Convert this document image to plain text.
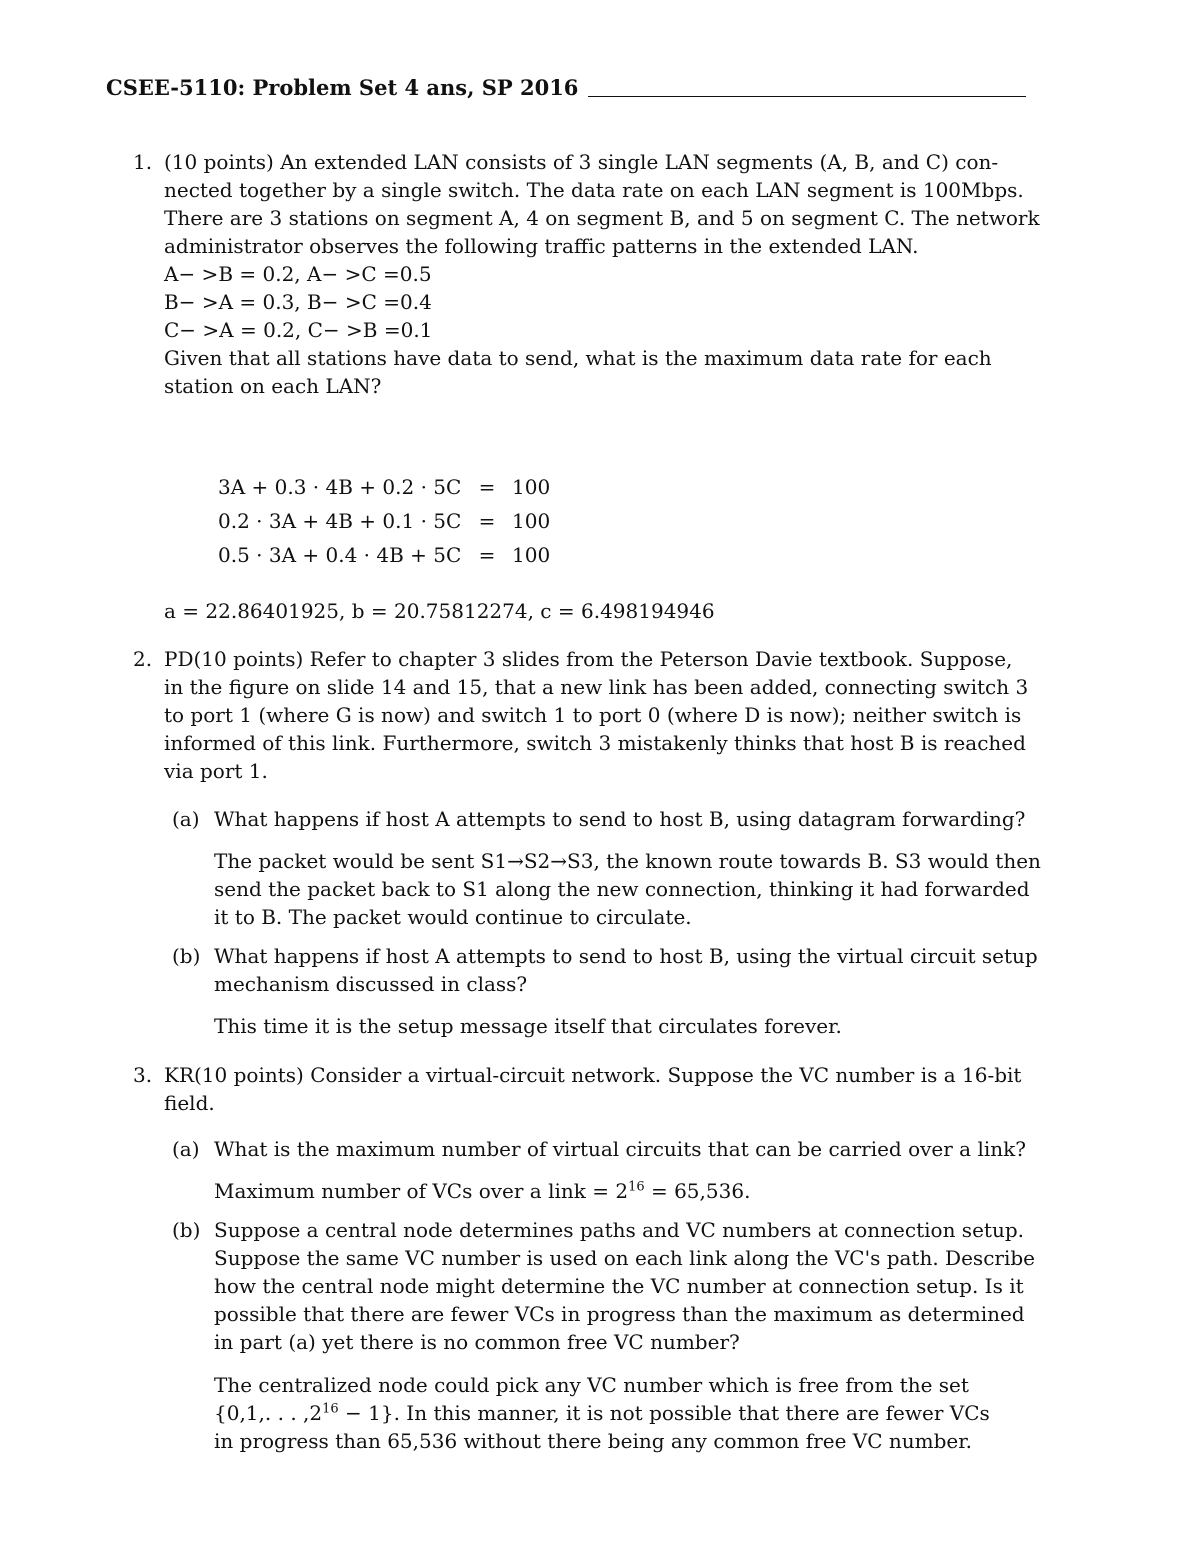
CSEE-5110: Problem Set 4 ans, SP 2016
1. (10 points) An extended LAN consists of 3 single LAN segments (A, B, and C) con-
nected together by a single switch. The data rate on each LAN segment is 100Mbps.
There are 3 stations on segment A, 4 on segment B, and 5 on segment C. The network
administrator observes the following traffic patterns in the extended LAN.
A− >B = 0.2, A− >C =0.5
B− >A = 0.3, B− >C =0.4
C− >A = 0.2, C− >B =0.1
Given that all stations have data to send, what is the maximum data rate for each
station on each LAN?
3A + 0.3 · 4B + 0.2 · 5C = 100
0.2 · 3A + 4B + 0.1 · 5C = 100
0.5 · 3A + 0.4 · 4B + 5C = 100
a = 22.86401925, b = 20.75812274, c = 6.498194946
2. PD(10 points) Refer to chapter 3 slides from the Peterson Davie textbook. Suppose,
in the figure on slide 14 and 15, that a new link has been added, connecting switch 3
to port 1 (where G is now) and switch 1 to port 0 (where D is now); neither switch is
informed of this link. Furthermore, switch 3 mistakenly thinks that host B is reached
via port 1.
(a) What happens if host A attempts to send to host B, using datagram forwarding?
The packet would be sent S1→S2→S3, the known route towards B. S3 would then
send the packet back to S1 along the new connection, thinking it had forwarded
it to B. The packet would continue to circulate.
(b) What happens if host A attempts to send to host B, using the virtual circuit setup
mechanism discussed in class?
This time it is the setup message itself that circulates forever.
3. KR(10 points) Consider a virtual-circuit network. Suppose the VC number is a 16-bit
field.
(a) What is the maximum number of virtual circuits that can be carried over a link?
Maximum number of VCs over a link = $2^{16} = 65,536$.
(b) Suppose a central node determines paths and VC numbers at connection setup.
Suppose the same VC number is used on each link along the VC's path. Describe
how the central node might determine the VC number at connection setup. Is it
possible that there are fewer VCs in progress than the maximum as determined
in part (a) yet there is no common free VC number?
The centralized node could pick any VC number which is free from the set
{0,1,. . . $,2^{16} - 1$}. In this manner, it is not possible that there are fewer VCs
in progress than 65,536 without there being any common free VC number.
